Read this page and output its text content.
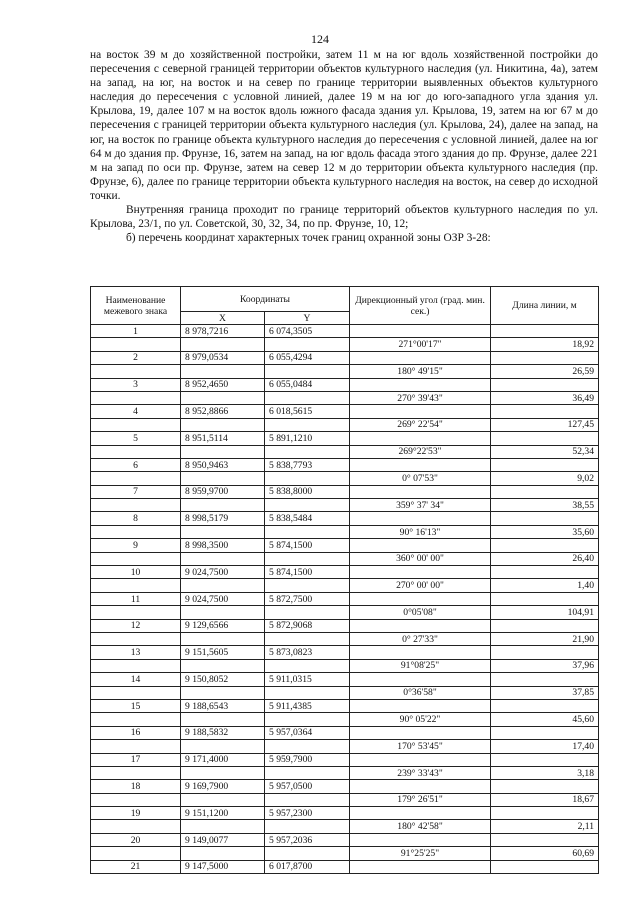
124

на восток 39 м до хозяйственной постройки, затем 11 м на юг вдоль хозяйственной постройки до пересечения с северной границей территории объектов культурного наследия (ул. Никитина, 4а), затем на запад, на юг, на восток и на север по границе территории выявленных объектов культурного наследия до пересечения с условной линией, далее 19 м на юг до юго-западного угла здания ул. Крылова, 19, далее 107 м на восток вдоль южного фасада здания ул. Крылова, 19, затем на юг 67 м до пересечения с границей территории объекта культурного наследия (ул. Крылова, 24), далее на запад, на юг, на восток по границе объекта культурного наследия до пересечения с условной линией, далее на юг 64 м до здания пр. Фрунзе, 16, затем на запад, на юг вдоль фасада этого здания до пр. Фрунзе, далее 221 м на запад по оси пр. Фрунзе, затем на север 12 м до территории объекта культурного наследия (пр. Фрунзе, 6), далее по границе территории объекта культурного наследия на восток, на север до исходной точки.

Внутренняя граница проходит по границе территорий объектов культурного наследия по ул. Крылова, 23/1, по ул. Советской, 30, 32, 34, по пр. Фрунзе, 10, 12;

б) перечень координат характерных точек границ охранной зоны ОЗР 3-28:

Наименование межевого знака	Координаты		Дирекционный угол (град. мин. сек.)	Длина линии, м
	X	Y		
1	8 978,7216	6 074,3505		
			271°00'17"	18,92
2	8 979,0534	6 055,4294		
			180° 49'15"	26,59
3	8 952,4650	6 055,0484		
			270° 39'43"	36,49
4	8 952,8866	6 018,5615		
			269° 22'54"	127,45
5	8 951,5114	5 891,1210		
			269°22'53"	52,34
6	8 950,9463	5 838,7793		
			0° 07'53"	9,02
7	8 959,9700	5 838,8000		
			359° 37' 34"	38,55
8	8 998,5179	5 838,5484		
			90° 16'13"	35,60
9	8 998,3500	5 874,1500		
			360° 00' 00"	26,40
10	9 024,7500	5 874,1500		
			270° 00' 00"	1,40
11	9 024,7500	5 872,7500		
			0°05'08"	104,91
12	9 129,6566	5 872,9068		
			0° 27'33"	21,90
13	9 151,5605	5 873,0823		
			91°08'25"	37,96
14	9 150,8052	5 911,0315		
			0°36'58"	37,85
15	9 188,6543	5 911,4385		
			90° 05'22"	45,60
16	9 188,5832	5 957,0364		
			170° 53'45"	17,40
17	9 171,4000	5 959,7900		
			239° 33'43"	3,18
18	9 169,7900	5 957,0500		
			179° 26'51"	18,67
19	9 151,1200	5 957,2300		
			180° 42'58"	2,11
20	9 149,0077	5 957,2036		
			91°25'25"	60,69
21	9 147,5000	6 017,8700		
